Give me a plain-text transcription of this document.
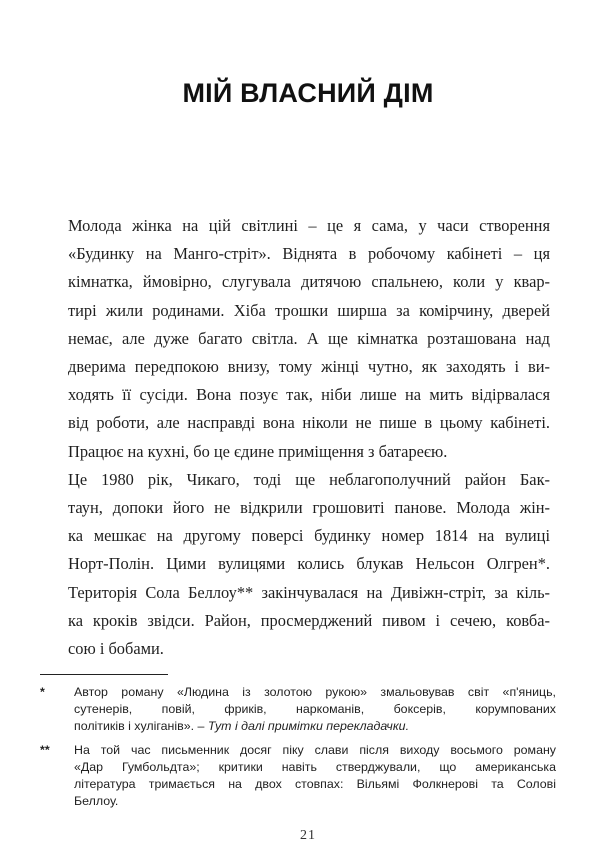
МІЙ ВЛАСНИЙ ДІМ

Молода жінка на цій світлині – це я сама, у часи створення
«Будинку на Манго-стріт». Віднята в робочому кабінеті – ця
кімнатка, ймовірно, слугувала дитячою спальнею, коли у квар-
тирі жили родинами. Хіба трошки ширша за комірчину, дверей
немає, але дуже багато світла. А ще кімнатка розташована над
дверима передпокою внизу, тому жінці чутно, як заходять і ви-
ходять її сусіди. Вона позує так, ніби лише на мить відірвалася
від роботи, але насправді вона ніколи не пише в цьому кабінеті.
Працює на кухні, бо це єдине приміщення з батареєю.

Це 1980 рік, Чикаго, тоді ще неблагополучний район Бак-
таун, допоки його не відкрили грошовиті панове. Молода жін-
ка мешкає на другому поверсі будинку номер 1814 на вулиці
Норт-Полін. Цими вулицями колись блукав Нельсон Олгрен*.
Територія Сола Беллоу** закінчувалася на Дивіжн-стріт, за кіль-
ка кроків звідси. Район, просмерджений пивом і сечею, ковба-
сою і бобами.

*	Автор роману «Людина із золотою рукою» змальовував світ «п'яниць,
сутенерів, повій, фриків, наркоманів, боксерів, корумпованих
політиків і хуліганів». – Тут і далі примітки перекладачки.
**	На той час письменник досяг піку слави після виходу восьмого роману
«Дар Гумбольдта»; критики навіть стверджували, що американська
література тримається на двох стовпах: Вільямі Фолкнерові та Солові
Беллоу.
21
